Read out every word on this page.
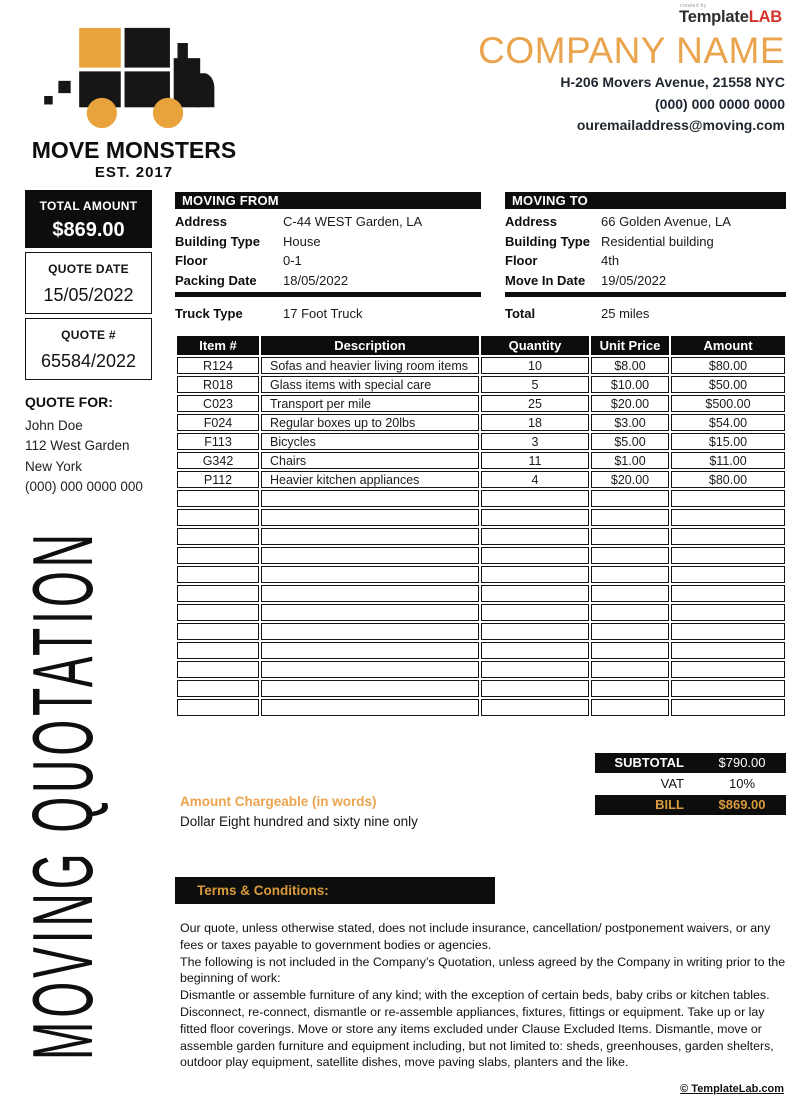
created by
TemplateLAB
COMPANY NAME
H-206 Movers Avenue, 21558 NYC
(000) 000 0000 0000
ouremailaddress@moving.com
MOVE MONSTERS
EST. 2017
TOTAL AMOUNT
$869.00
QUOTE DATE
15/05/2022
QUOTE #
65584/2022
QUOTE FOR:
John Doe
112 West Garden
New York
(000) 000 0000 000
MOVING QUOTATION
MOVING FROM
Address	C-44 WEST Garden, LA
Building Type	House
Floor	0-1
Packing Date	18/05/2022
Truck Type	17 Foot Truck
MOVING TO
Address	66 Golden Avenue, LA
Building Type Residential building
Floor	4th
Move In Date	19/05/2022
Total	25 miles
Item #	Description	Quantity	Unit Price	Amount
R124	Sofas and heavier living room items	10	$8.00	$80.00
R018	Glass items with special care	5	$10.00	$50.00
C023	Transport per mile	25	$20.00	$500.00
F024	Regular boxes up to 20lbs	18	$3.00	$54.00
F113	Bicycles	3	$5.00	$15.00
G342	Chairs	11	$1.00	$11.00
P112	Heavier kitchen appliances	4	$20.00	$80.00

SUBTOTAL	$790.00
VAT	10%
BILL	$869.00
Amount Chargeable (in words)
Dollar Eight hundred and sixty nine only
Terms & Conditions:
Our quote, unless otherwise stated, does not include insurance, cancellation/ postponement waivers, or any fees or taxes payable to government bodies or agencies.
The following is not included in the Company’s Quotation, unless agreed by the Company in writing prior to the beginning of work:
Dismantle or assemble furniture of any kind; with the exception of certain beds, baby cribs or kitchen tables.
Disconnect, re-connect, dismantle or re-assemble appliances, fixtures, fittings or equipment. Take up or lay fitted floor coverings. Move or store any items excluded under Clause Excluded Items. Dismantle, move or assemble garden furniture and equipment including, but not limited to: sheds, greenhouses, garden shelters, outdoor play equipment, satellite dishes, move paving slabs, planters and the like.
© TemplateLab.com
